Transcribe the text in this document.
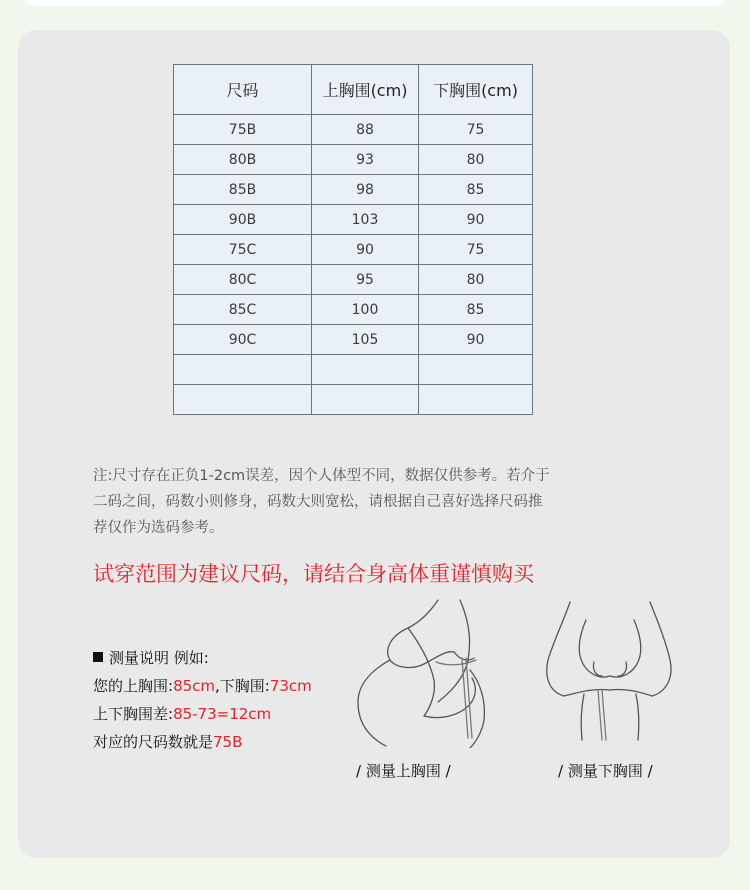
尺码	上胸围(cm)	下胸围(cm)
75B	88	75
80B	93	80
85B	98	85
90B	103	90
75C	90	75
80C	95	80
85C	100	85
90C	105	90

注:尺寸存在正负1-2cm误差，因个人体型不同，数据仅供参考。若介于
二码之间，码数小则修身，码数大则宽松，请根据自己喜好选择尺码推
荐仅作为选码参考。
试穿范围为建议尺码，请结合身高体重谨慎购买
测量说明 例如:
您的上胸围:85cm,下胸围:73cm
上下胸围差:85-73=12cm
对应的尺码数就是75B
/ 测量上胸围 /	/ 测量下胸围 /
